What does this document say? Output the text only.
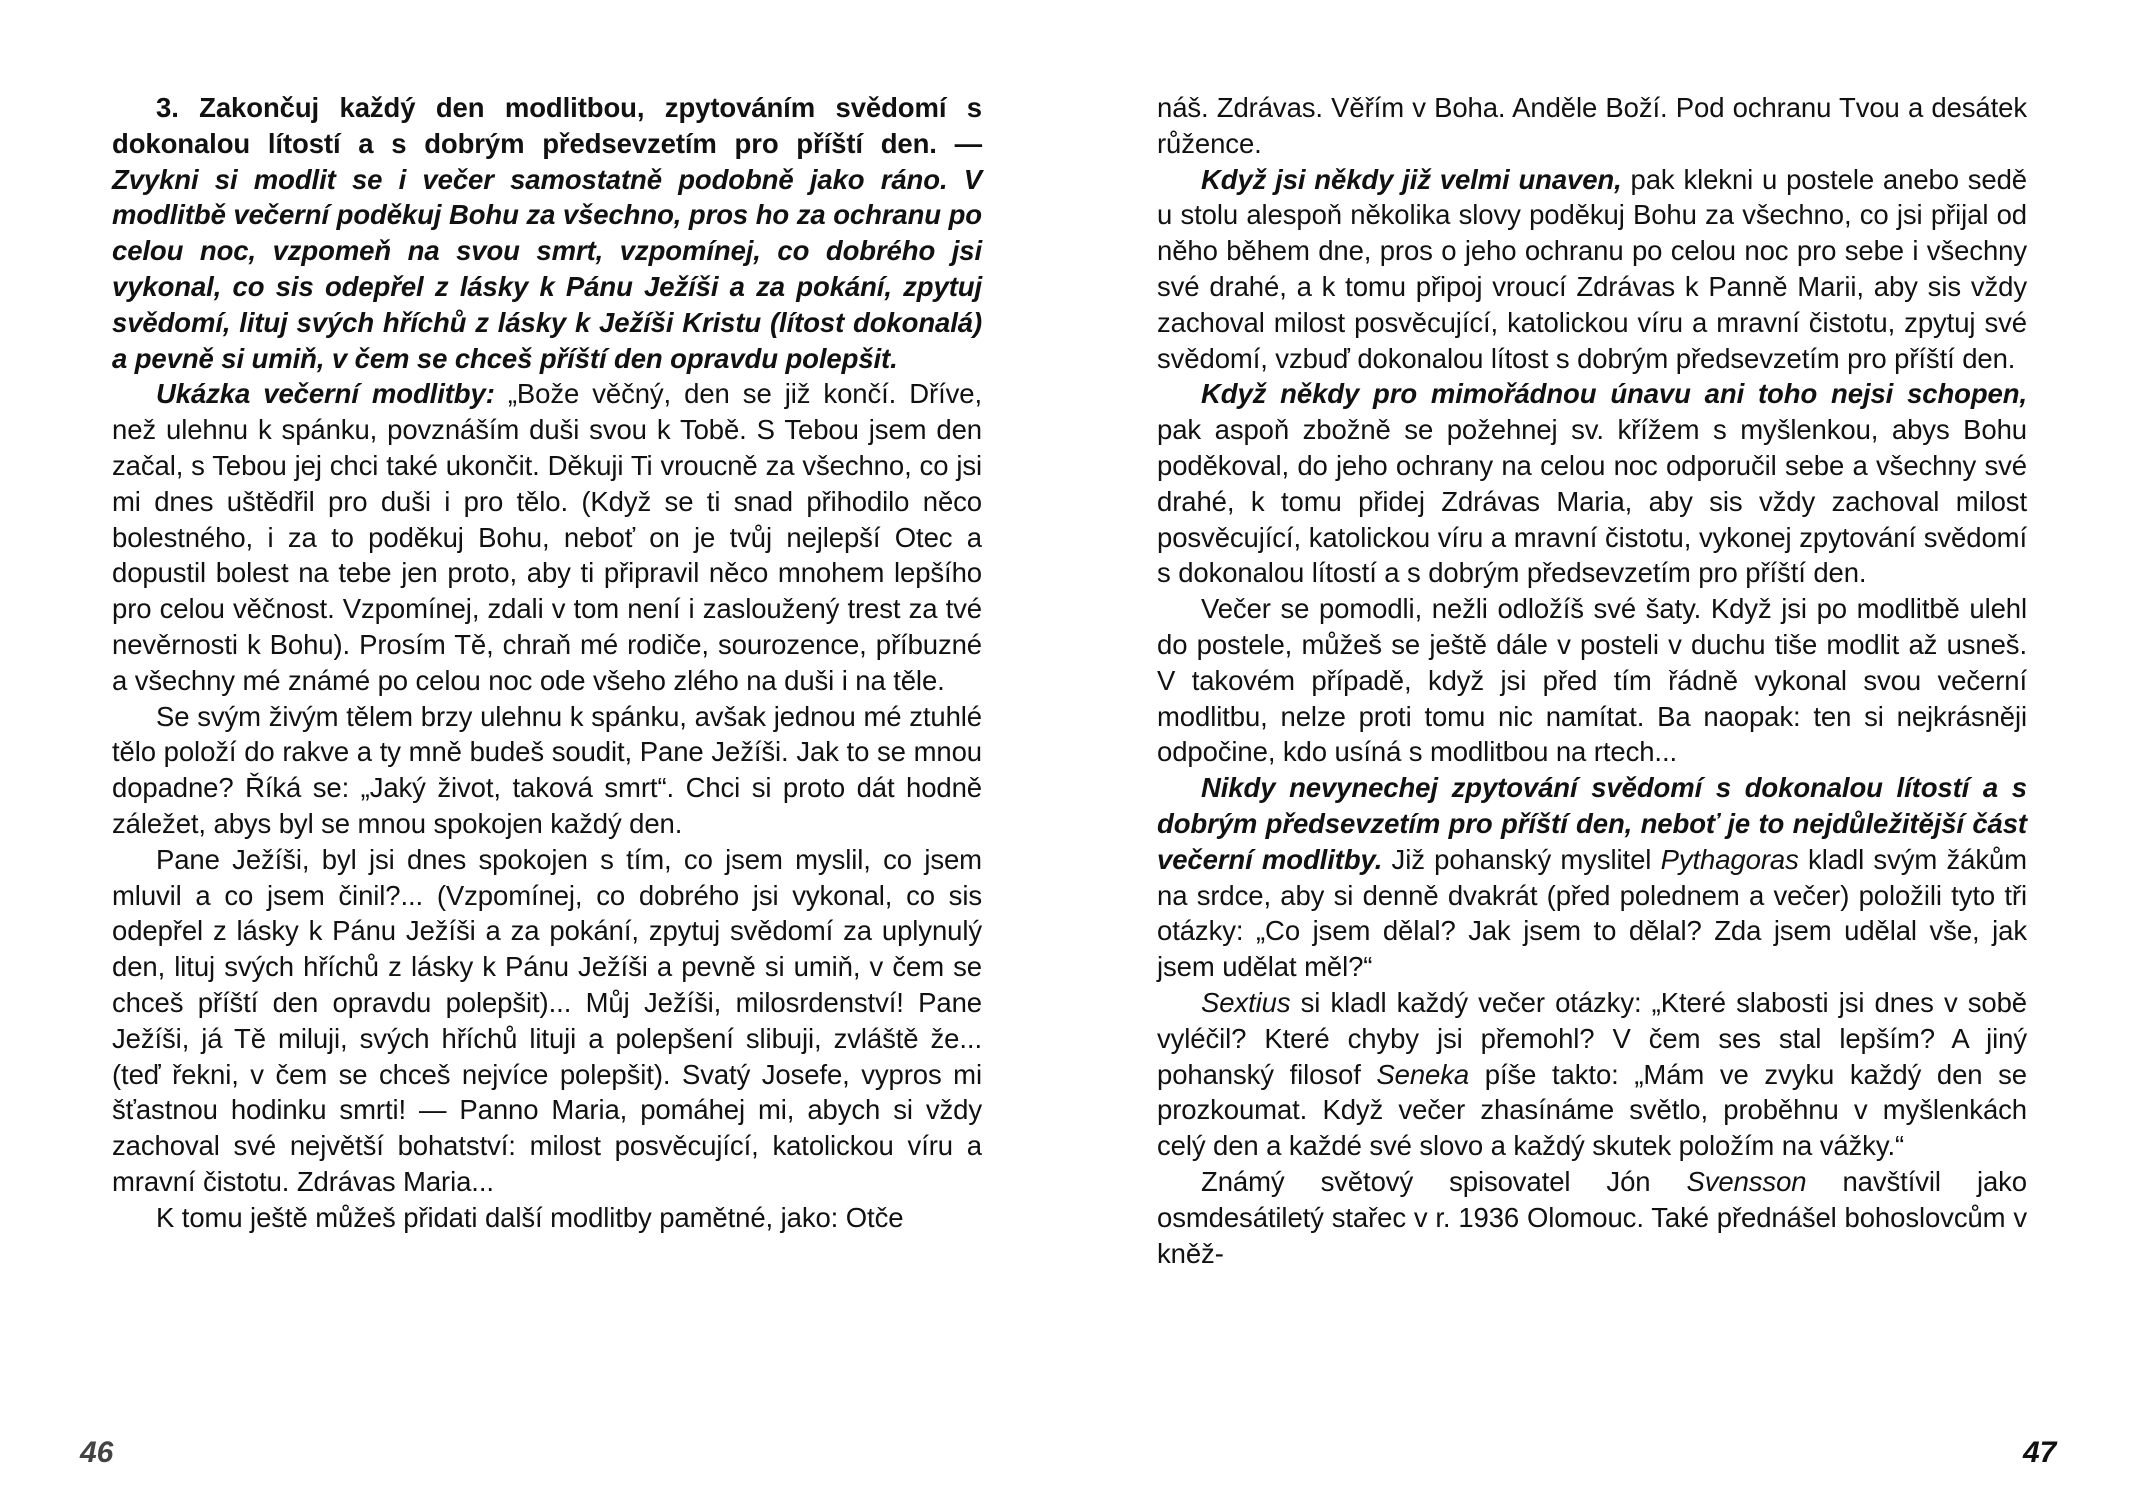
3. Zakončuj každý den modlitbou, zpytováním svědomí s dokonalou lítostí a s dobrým předsevzetím pro příští den. — Zvykni si modlit se i večer samostatně podobně jako ráno. V modlitbě večerní poděkuj Bohu za všechno, pros ho za ochranu po celou noc, vzpomeň na svou smrt, vzpomínej, co dobrého jsi vykonal, co sis odepřel z lásky k Pánu Ježíši a za pokání, zpytuj svědomí, lituj svých hříchů z lásky k Ježíši Kristu (lítost dokonalá) a pevně si umiň, v čem se chceš příští den opravdu polepšit.

Ukázka večerní modlitby: „Bože věčný, den se již končí. Dříve, než ulehnu k spánku, povznáším duši svou k Tobě. S Tebou jsem den začal, s Tebou jej chci také ukončit. Děkuji Ti vroucně za všechno, co jsi mi dnes uštědřil pro duši i pro tělo. (Když se ti snad přihodilo něco bolestného, i za to poděkuj Bohu, neboť on je tvůj nejlepší Otec a dopustil bolest na tebe jen proto, aby ti připravil něco mnohem lepšího pro celou věčnost. Vzpomínej, zdali v tom není i zasloužený trest za tvé nevěrnosti k Bohu). Prosím Tě, chraň mé rodiče, sourozence, příbuzné a všechny mé známé po celou noc ode všeho zlého na duši i na těle.

Se svým živým tělem brzy ulehnu k spánku, avšak jednou mé ztuhlé tělo položí do rakve a ty mně budeš soudit, Pane Ježíši. Jak to se mnou dopadne? Říká se: „Jaký život, taková smrt“. Chci si proto dát hodně záležet, abys byl se mnou spokojen každý den.

Pane Ježíši, byl jsi dnes spokojen s tím, co jsem myslil, co jsem mluvil a co jsem činil?... (Vzpomínej, co dobrého jsi vykonal, co sis odepřel z lásky k Pánu Ježíši a za pokání, zpytuj svědomí za uplynulý den, lituj svých hříchů z lásky k Pánu Ježíši a pevně si umiň, v čem se chceš příští den opravdu polepšit)... Můj Ježíši, milosrdenství! Pane Ježíši, já Tě miluji, svých hříchů lituji a polepšení slibuji, zvláště že... (teď řekni, v čem se chceš nejvíce polepšit). Svatý Josefe, vypros mi šťastnou hodinku smrti! — Panno Maria, pomáhej mi, abych si vždy zachoval své největší bohatství: milost posvěcující, katolickou víru a mravní čistotu. Zdrávas Maria...

K tomu ještě můžeš přidati další modlitby pamětné, jako: Otče

46

náš. Zdrávas. Věřím v Boha. Anděle Boží. Pod ochranu Tvou a desátek růžence.

Když jsi někdy již velmi unaven, pak klekni u postele anebo sedě u stolu alespoň několika slovy poděkuj Bohu za všechno, co jsi přijal od něho během dne, pros o jeho ochranu po celou noc pro sebe i všechny své drahé, a k tomu připoj vroucí Zdrávas k Panně Marii, aby sis vždy zachoval milost posvěcující, katolickou víru a mravní čistotu, zpytuj své svědomí, vzbuď dokonalou lítost s dobrým předsevzetím pro příští den.

Když někdy pro mimořádnou únavu ani toho nejsi schopen, pak aspoň zbožně se požehnej sv. křížem s myšlenkou, abys Bohu poděkoval, do jeho ochrany na celou noc odporučil sebe a všechny své drahé, k tomu přidej Zdrávas Maria, aby sis vždy zachoval milost posvěcující, katolickou víru a mravní čistotu, vykonej zpytování svědomí s dokonalou lítostí a s dobrým předsevzetím pro příští den.

Večer se pomodli, nežli odložíš své šaty. Když jsi po modlitbě ulehl do postele, můžeš se ještě dále v posteli v duchu tiše modlit až usneš. V takovém případě, když jsi před tím řádně vykonal svou večerní modlitbu, nelze proti tomu nic namítat. Ba naopak: ten si nejkrásněji odpočine, kdo usíná s modlitbou na rtech...

Nikdy nevynechej zpytování svědomí s dokonalou lítostí a s dobrým předsevzetím pro příští den, neboť je to nejdůležitější část večerní modlitby. Již pohanský myslitel Pythagoras kladl svým žákům na srdce, aby si denně dvakrát (před polednem a večer) položili tyto tři otázky: „Co jsem dělal? Jak jsem to dělal? Zda jsem udělal vše, jak jsem udělat měl?“

Sextius si kladl každý večer otázky: „Které slabosti jsi dnes v sobě vyléčil? Které chyby jsi přemohl? V čem ses stal lepším? A jiný pohanský filosof Seneka píše takto: „Mám ve zvyku každý den se prozkoumat. Když večer zhasínáme světlo, proběhnu v myšlenkách celý den a každé své slovo a každý skutek položím na vážky.“

Známý světový spisovatel Jón Svensson navštívil jako osmdesátiletý stařec v r. 1936 Olomouc. Také přednášel bohoslovcům v kněž-

47
